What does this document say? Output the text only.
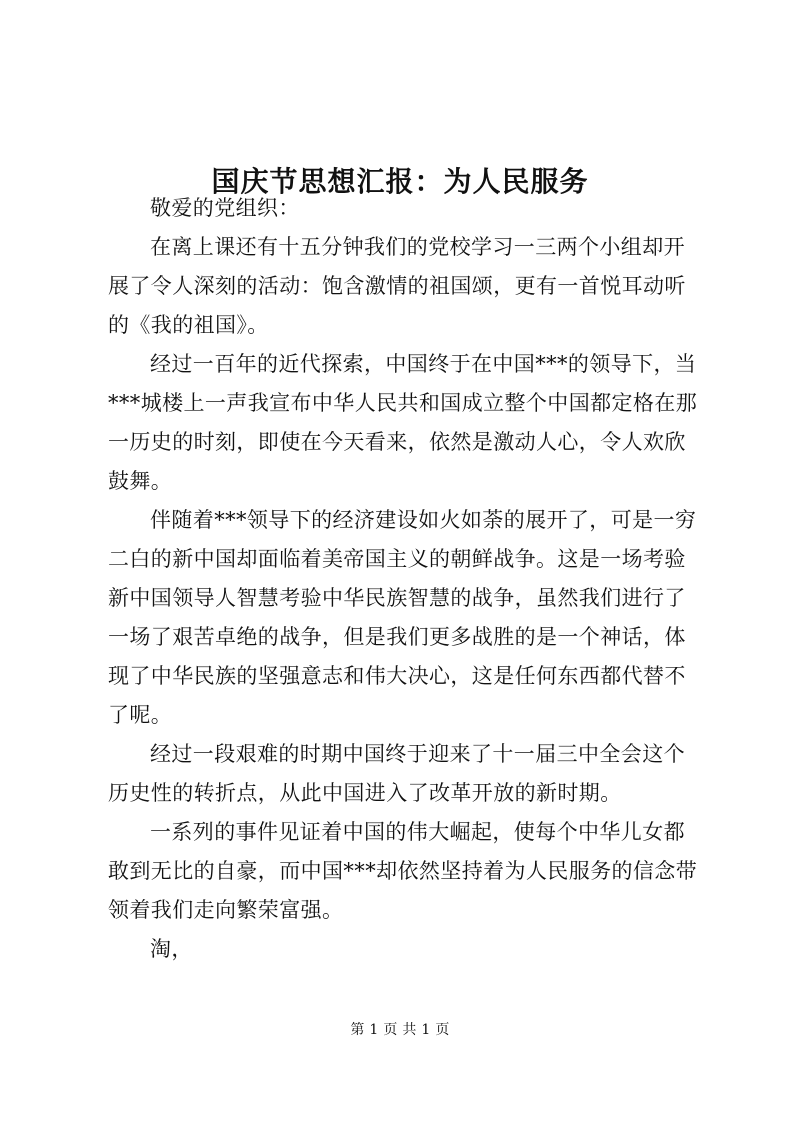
国庆节思想汇报：为人民服务

敬爱的党组织：

在离上课还有十五分钟我们的党校学习一三两个小组却开展了令人深刻的活动：饱含激情的祖国颂，更有一首悦耳动听的《我的祖国》。

经过一百年的近代探索，中国终于在中国***的领导下，当***城楼上一声我宣布中华人民共和国成立整个中国都定格在那一历史的时刻，即使在今天看来，依然是激动人心，令人欢欣鼓舞。

伴随着***领导下的经济建设如火如荼的展开了，可是一穷二白的新中国却面临着美帝国主义的朝鲜战争。这是一场考验新中国领导人智慧考验中华民族智慧的战争，虽然我们进行了一场了艰苦卓绝的战争，但是我们更多战胜的是一个神话，体现了中华民族的坚强意志和伟大决心，这是任何东西都代替不了呢。

经过一段艰难的时期中国终于迎来了十一届三中全会这个历史性的转折点，从此中国进入了改革开放的新时期。

一系列的事件见证着中国的伟大崛起，使每个中华儿女都敢到无比的自豪，而中国***却依然坚持着为人民服务的信念带领着我们走向繁荣富强。

淘，

第 1 页 共 1 页
